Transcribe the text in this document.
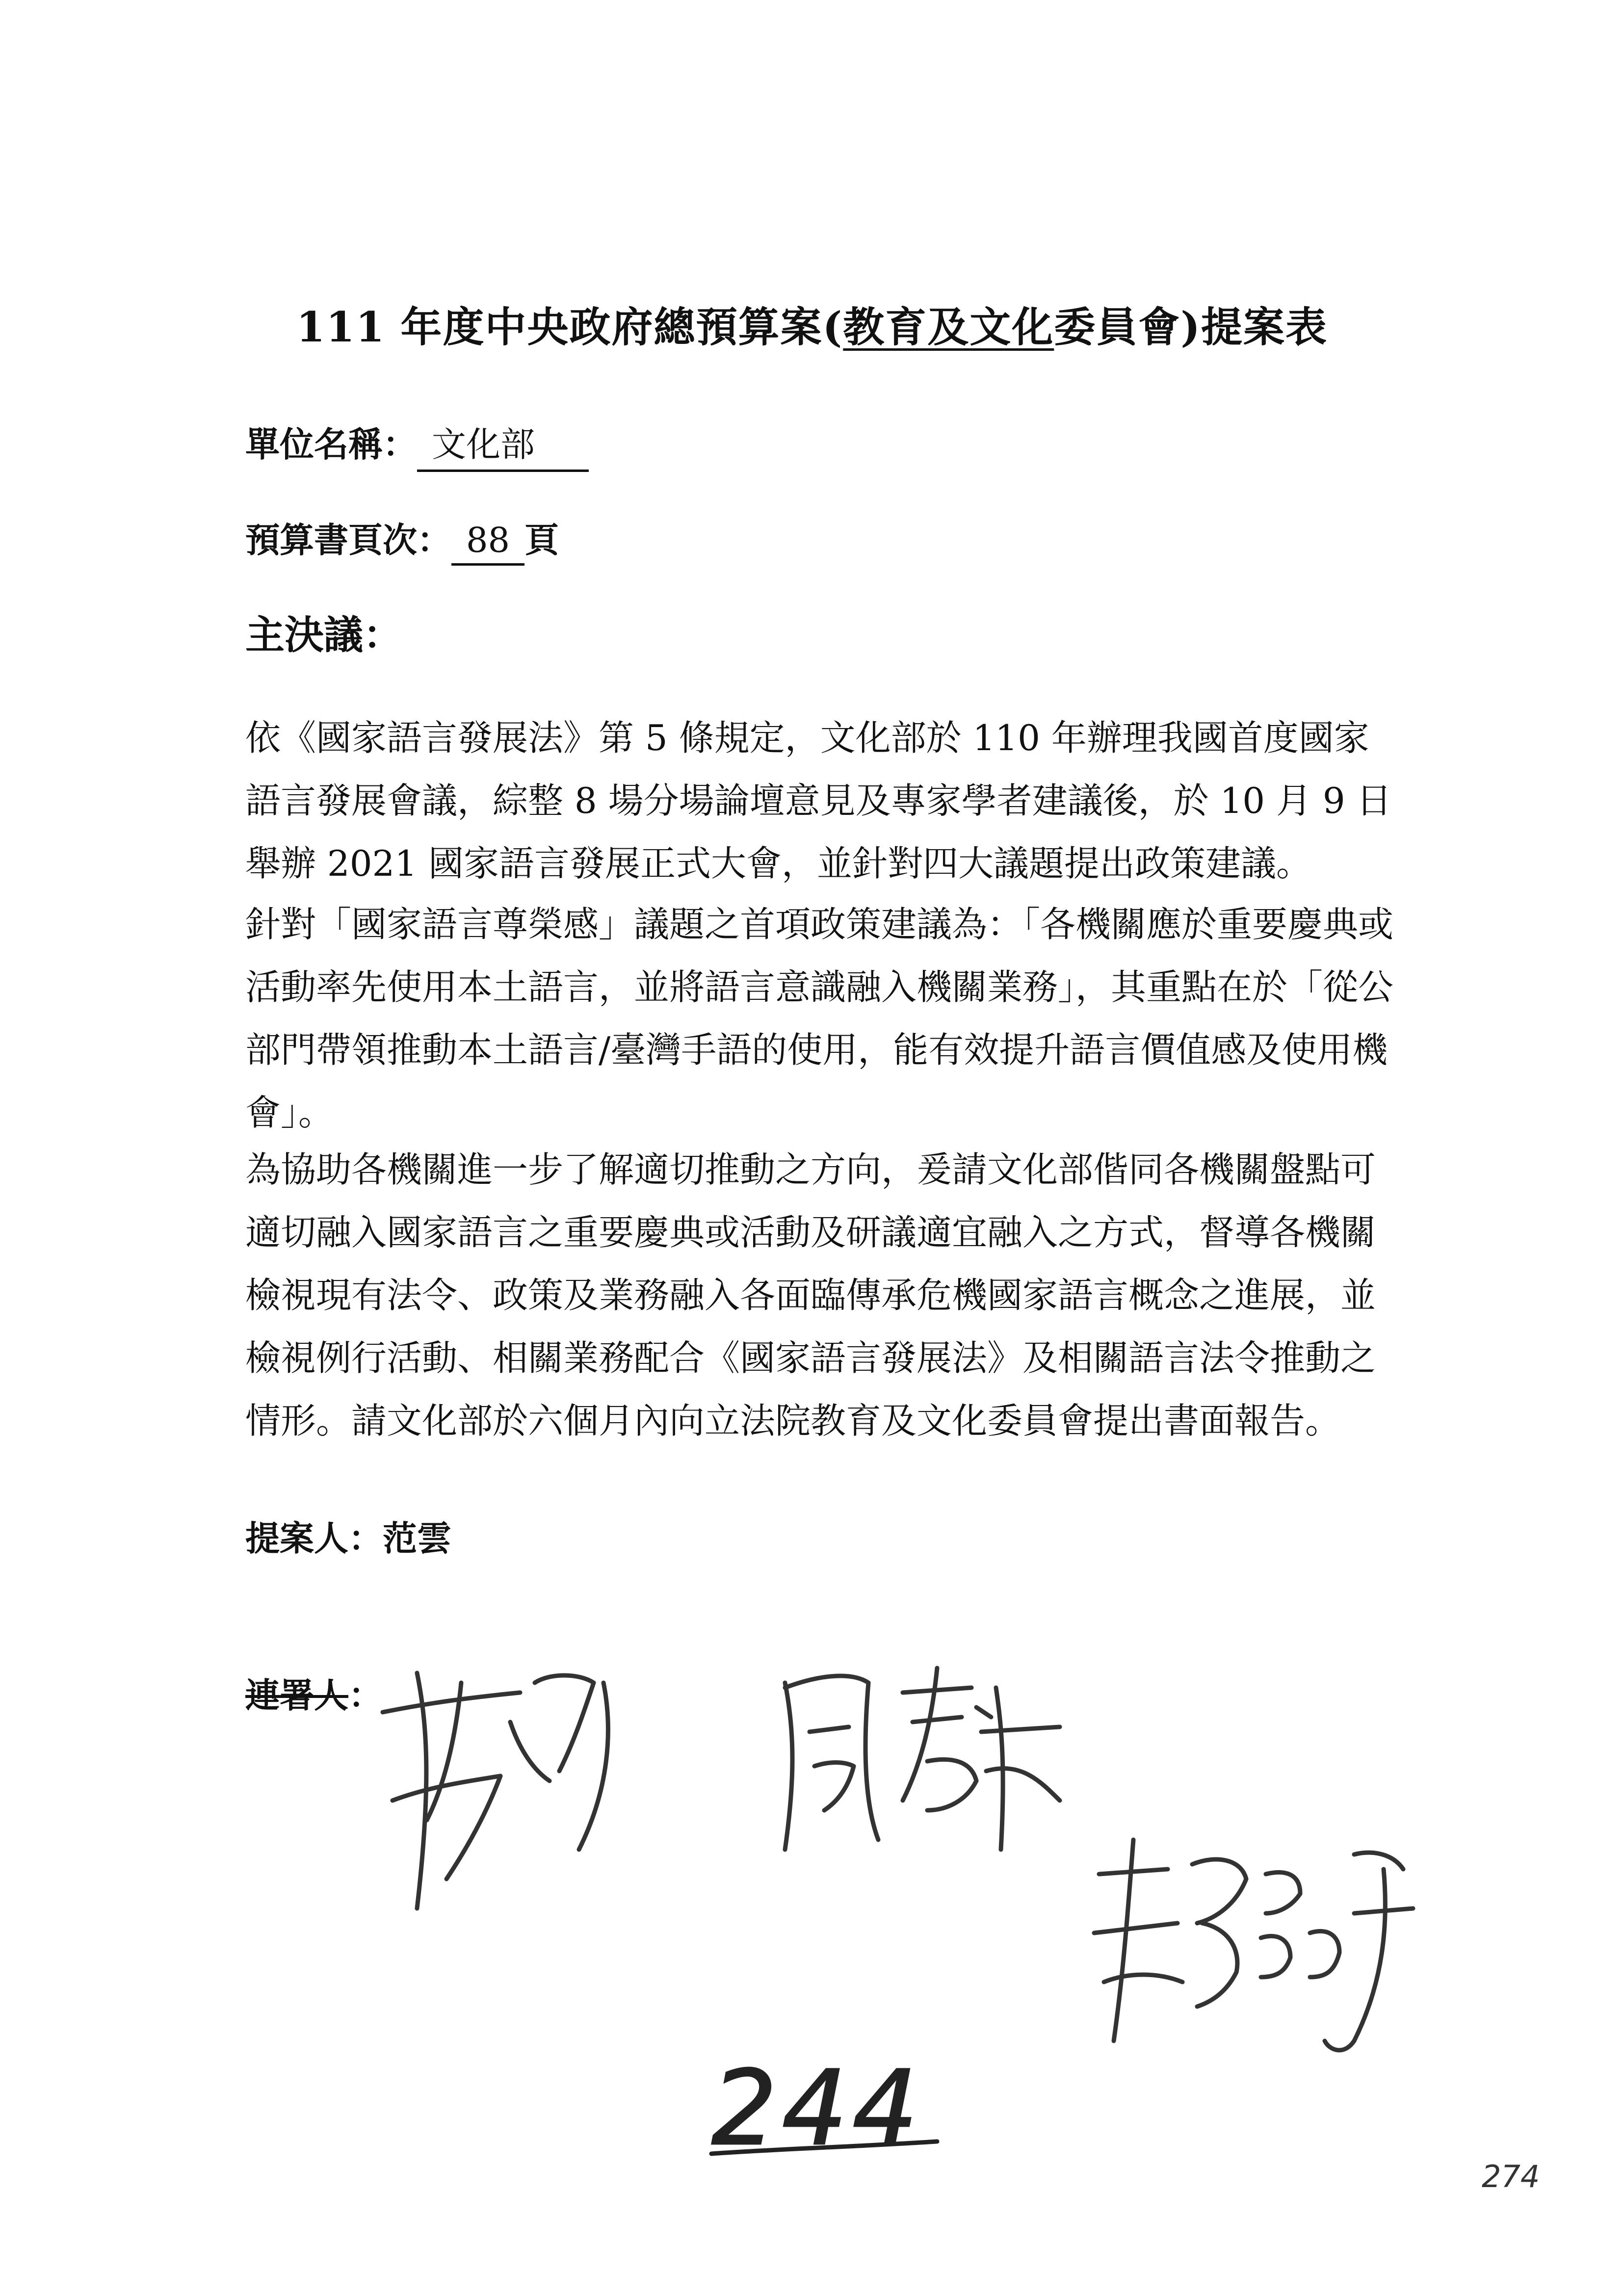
111 年度中央政府總預算案(教育及文化委員會)提案表
單位名稱： 文化部
預算書頁次： 88 頁
主決議：

依《國家語言發展法》第 5 條規定，文化部於 110 年辦理我國首度國家語言發展會議，綜整 8 場分場論壇意見及專家學者建議後，於 10 月 9 日舉辦 2021 國家語言發展正式大會，並針對四大議題提出政策建議。

針對「國家語言尊榮感」議題之首項政策建議為：「各機關應於重要慶典或活動率先使用本土語言，並將語言意識融入機關業務」，其重點在於「從公部門帶領推動本土語言/臺灣手語的使用，能有效提升語言價值感及使用機會」。

為協助各機關進一步了解適切推動之方向，爰請文化部偕同各機關盤點可適切融入國家語言之重要慶典或活動及研議適宜融入之方式，督導各機關檢視現有法令、政策及業務融入各面臨傳承危機國家語言概念之進展，並檢視例行活動、相關業務配合《國家語言發展法》及相關語言法令推動之情形。請文化部於六個月內向立法院教育及文化委員會提出書面報告。

提案人：范雲
連署人：
244
274
